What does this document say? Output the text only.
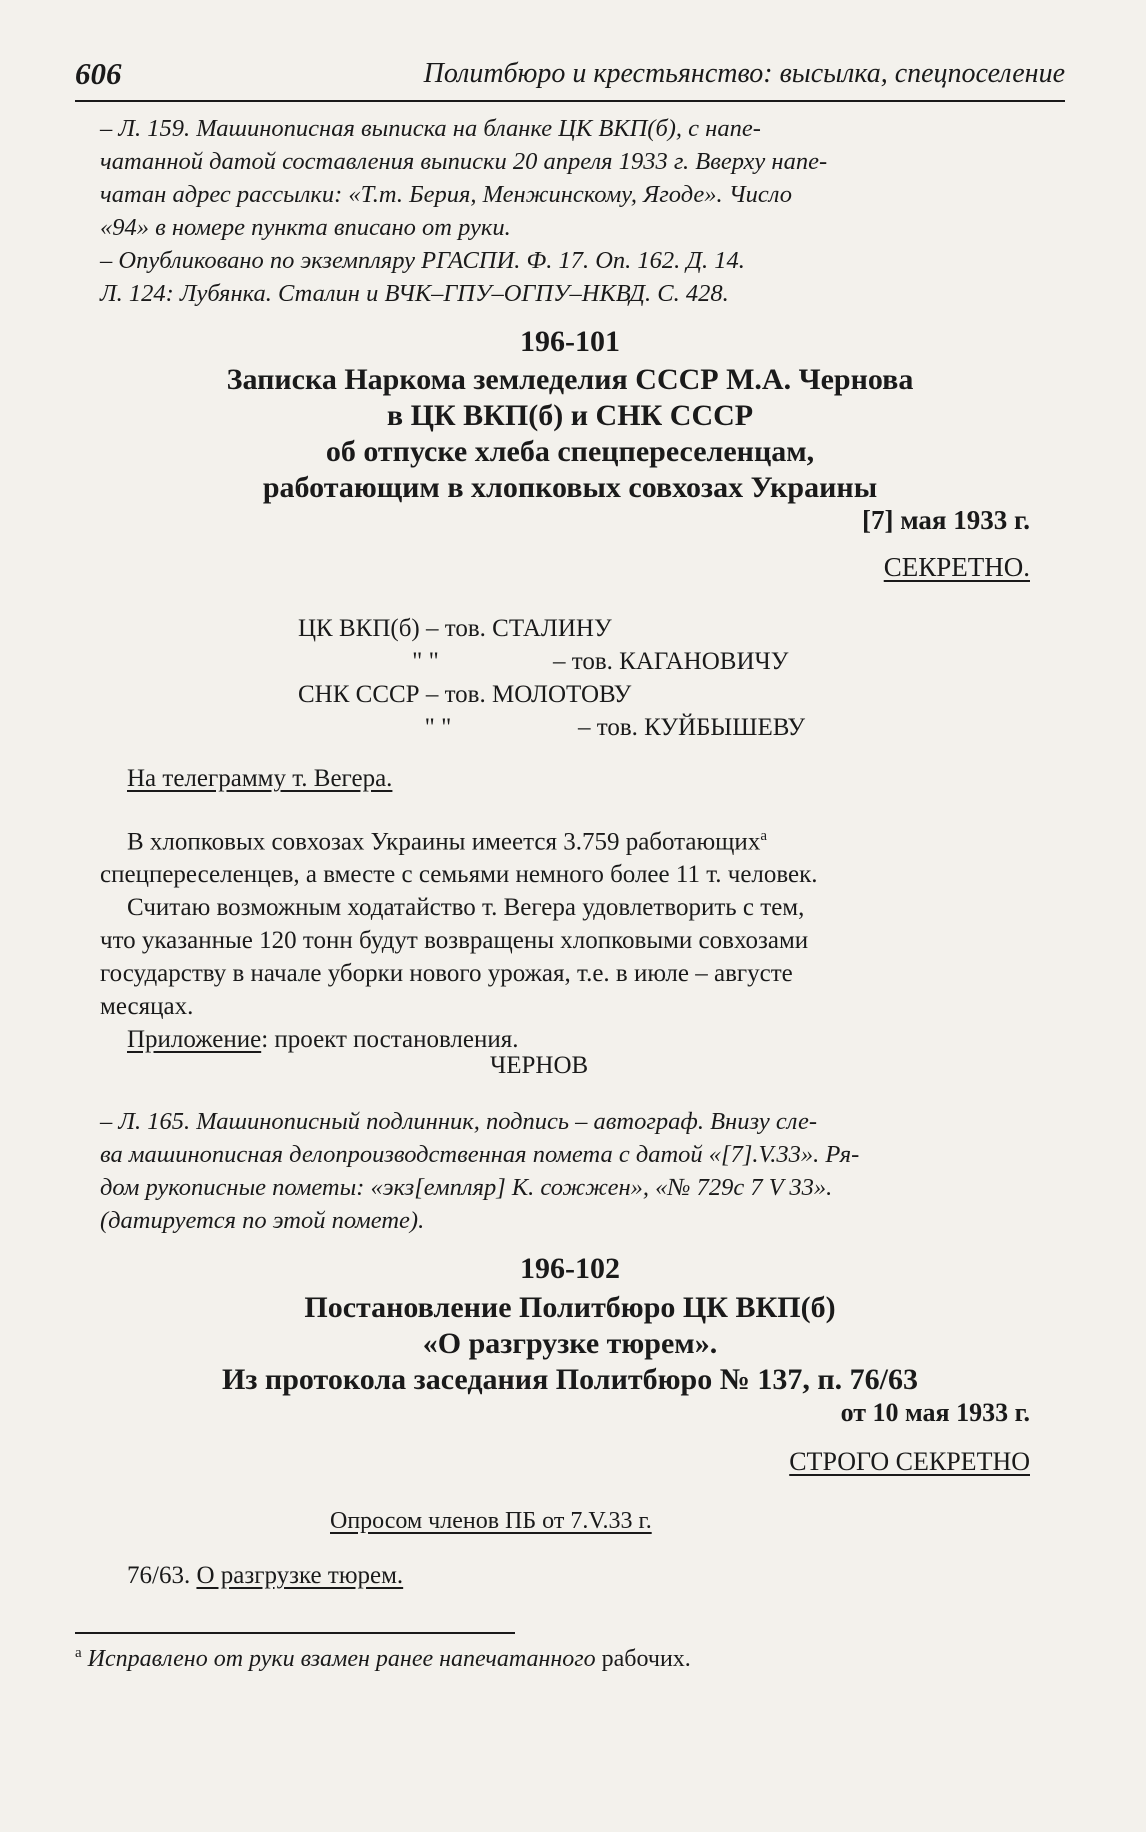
606	Политбюро и крестьянство: высылка, спецпоселение
– Л. 159. Машинописная выписка на бланке ЦК ВКП(б), с напе-
чатанной датой составления выписки 20 апреля 1933 г. Вверху напе-
чатан адрес рассылки: «Т.т. Берия, Менжинскому, Ягоде». Число
«94» в номере пункта вписано от руки.
– Опубликовано по экземпляру РГАСПИ. Ф. 17. Оп. 162. Д. 14.
Л. 124: Лубянка. Сталин и ВЧК–ГПУ–ОГПУ–НКВД. С. 428.
196-101
Записка Наркома земледелия СССР М.А. Чернова
в ЦК ВКП(б) и СНК СССР
об отпуске хлеба спецпереселенцам,
работающим в хлопковых совхозах Украины
[7] мая 1933 г.
СЕКРЕТНО.
ЦК ВКП(б) – тов. СТАЛИНУ
" "	– тов. КАГАНОВИЧУ
СНК СССР – тов. МОЛОТОВУ
" "	– тов. КУЙБЫШЕВУ
На телеграмму т. Вегера.
В хлопковых совхозах Украины имеется 3.759 работающих$^а$
спецпереселенцев, а вместе с семьями немного более 11 т. человек.
Считаю возможным ходатайство т. Вегера удовлетворить с тем,
что указанные 120 тонн будут возвращены хлопковыми совхозами
государству в начале уборки нового урожая, т.е. в июле – августе
месяцах.
Приложение: проект постановления.
ЧЕРНОВ
– Л. 165. Машинописный подлинник, подпись – автограф. Внизу сле-
ва машинописная делопроизводственная помета с датой «[7].V.33». Ря-
дом рукописные пометы: «экз[емпляр] К. сожжен», «№ 729с 7 V 33».
(датируется по этой помете).
196-102
Постановление Политбюро ЦК ВКП(б)
«О разгрузке тюрем».
Из протокола заседания Политбюро № 137, п. 76/63
от 10 мая 1933 г.
СТРОГО СЕКРЕТНО
Опросом членов ПБ от 7.V.33 г.
76/63. О разгрузке тюрем.
$^а$ Исправлено от руки взамен ранее напечатанного рабочих.
